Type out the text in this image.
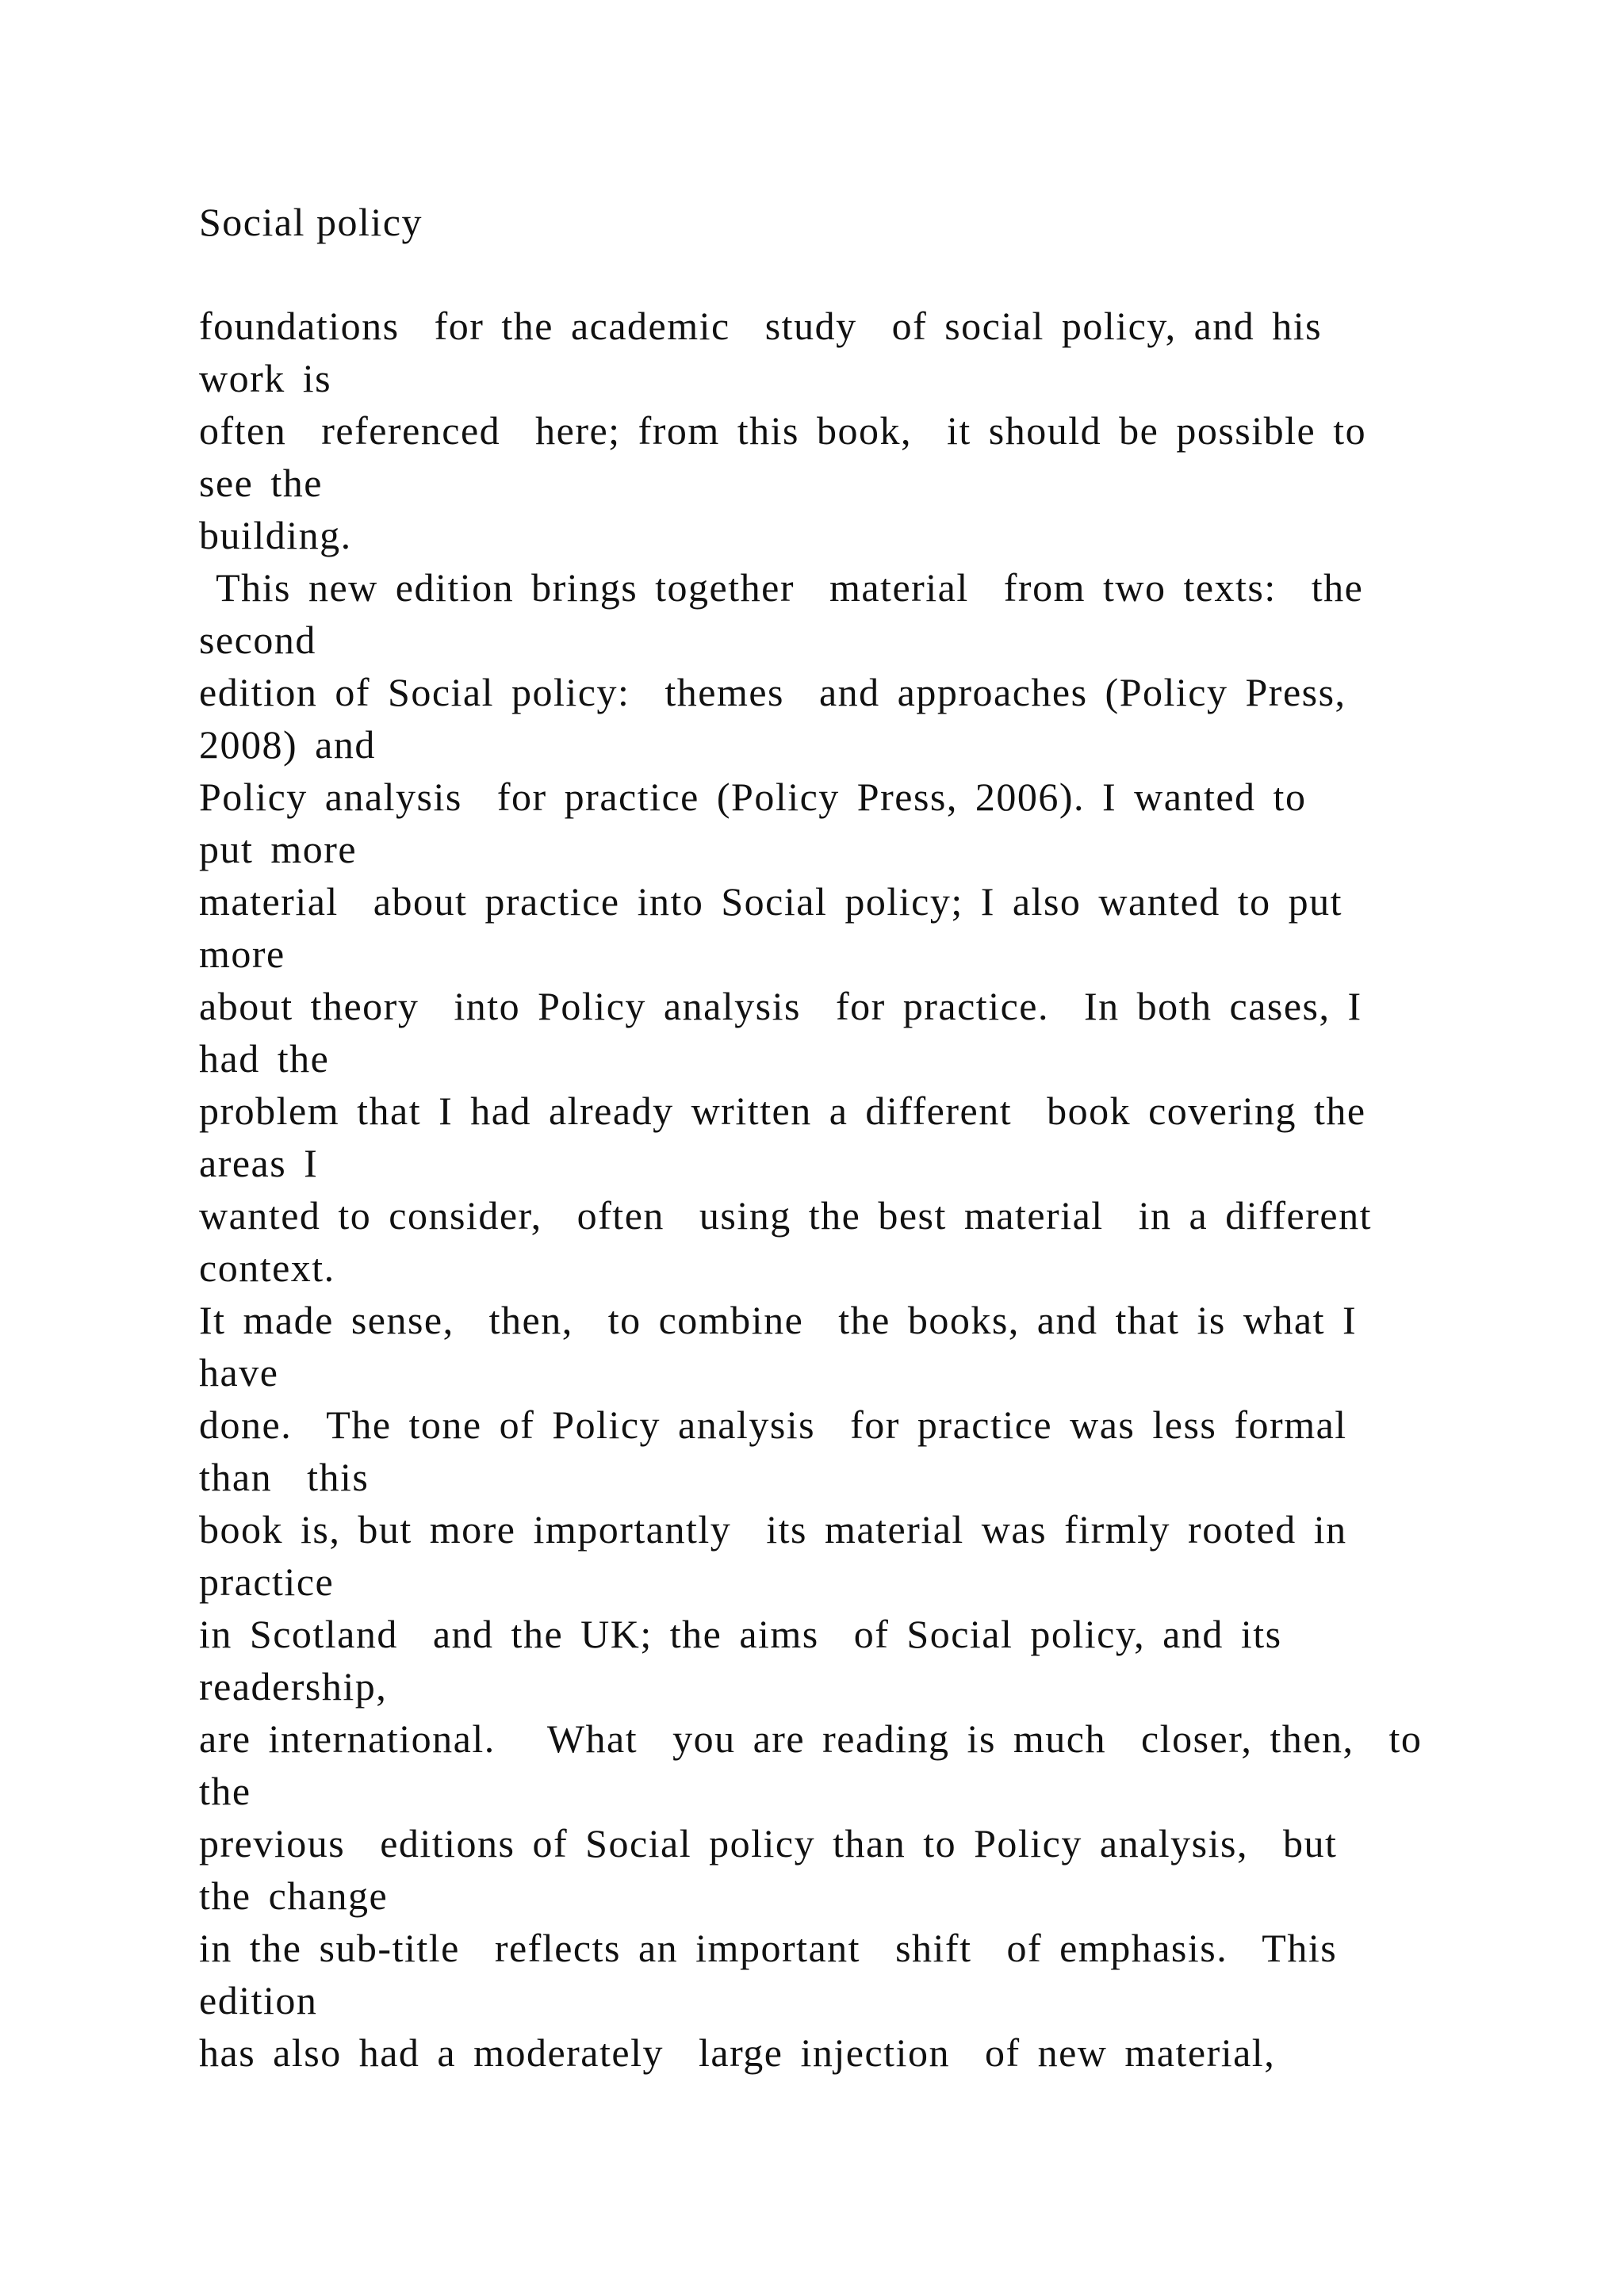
Social policy
foundations  for the academic  study  of social policy, and his
work is
often  referenced  here; from this book,  it should be possible to
see the
building.
This new edition brings together  material  from two texts:  the
second
edition of Social policy:  themes  and approaches (Policy Press,
2008) and
Policy analysis  for practice (Policy Press, 2006). I wanted to
put more
material  about practice into Social policy; I also wanted to put
more
about theory  into Policy analysis  for practice.  In both cases, I
had the
problem that I had already written a different  book covering the
areas I
wanted to consider,  often  using the best material  in a different
context.
It made sense,  then,  to combine  the books, and that is what I
have
done.  The tone of Policy analysis  for practice was less formal
than  this
book is, but more importantly  its material was firmly rooted in
practice
in Scotland  and the UK; the aims  of Social policy, and its
readership,
are international.   What  you are reading is much  closer, then,  to
the
previous  editions of Social policy than to Policy analysis,  but
the change
in the sub-title  reflects an important  shift  of emphasis.  This
edition
has also had a moderately  large injection  of new material,
